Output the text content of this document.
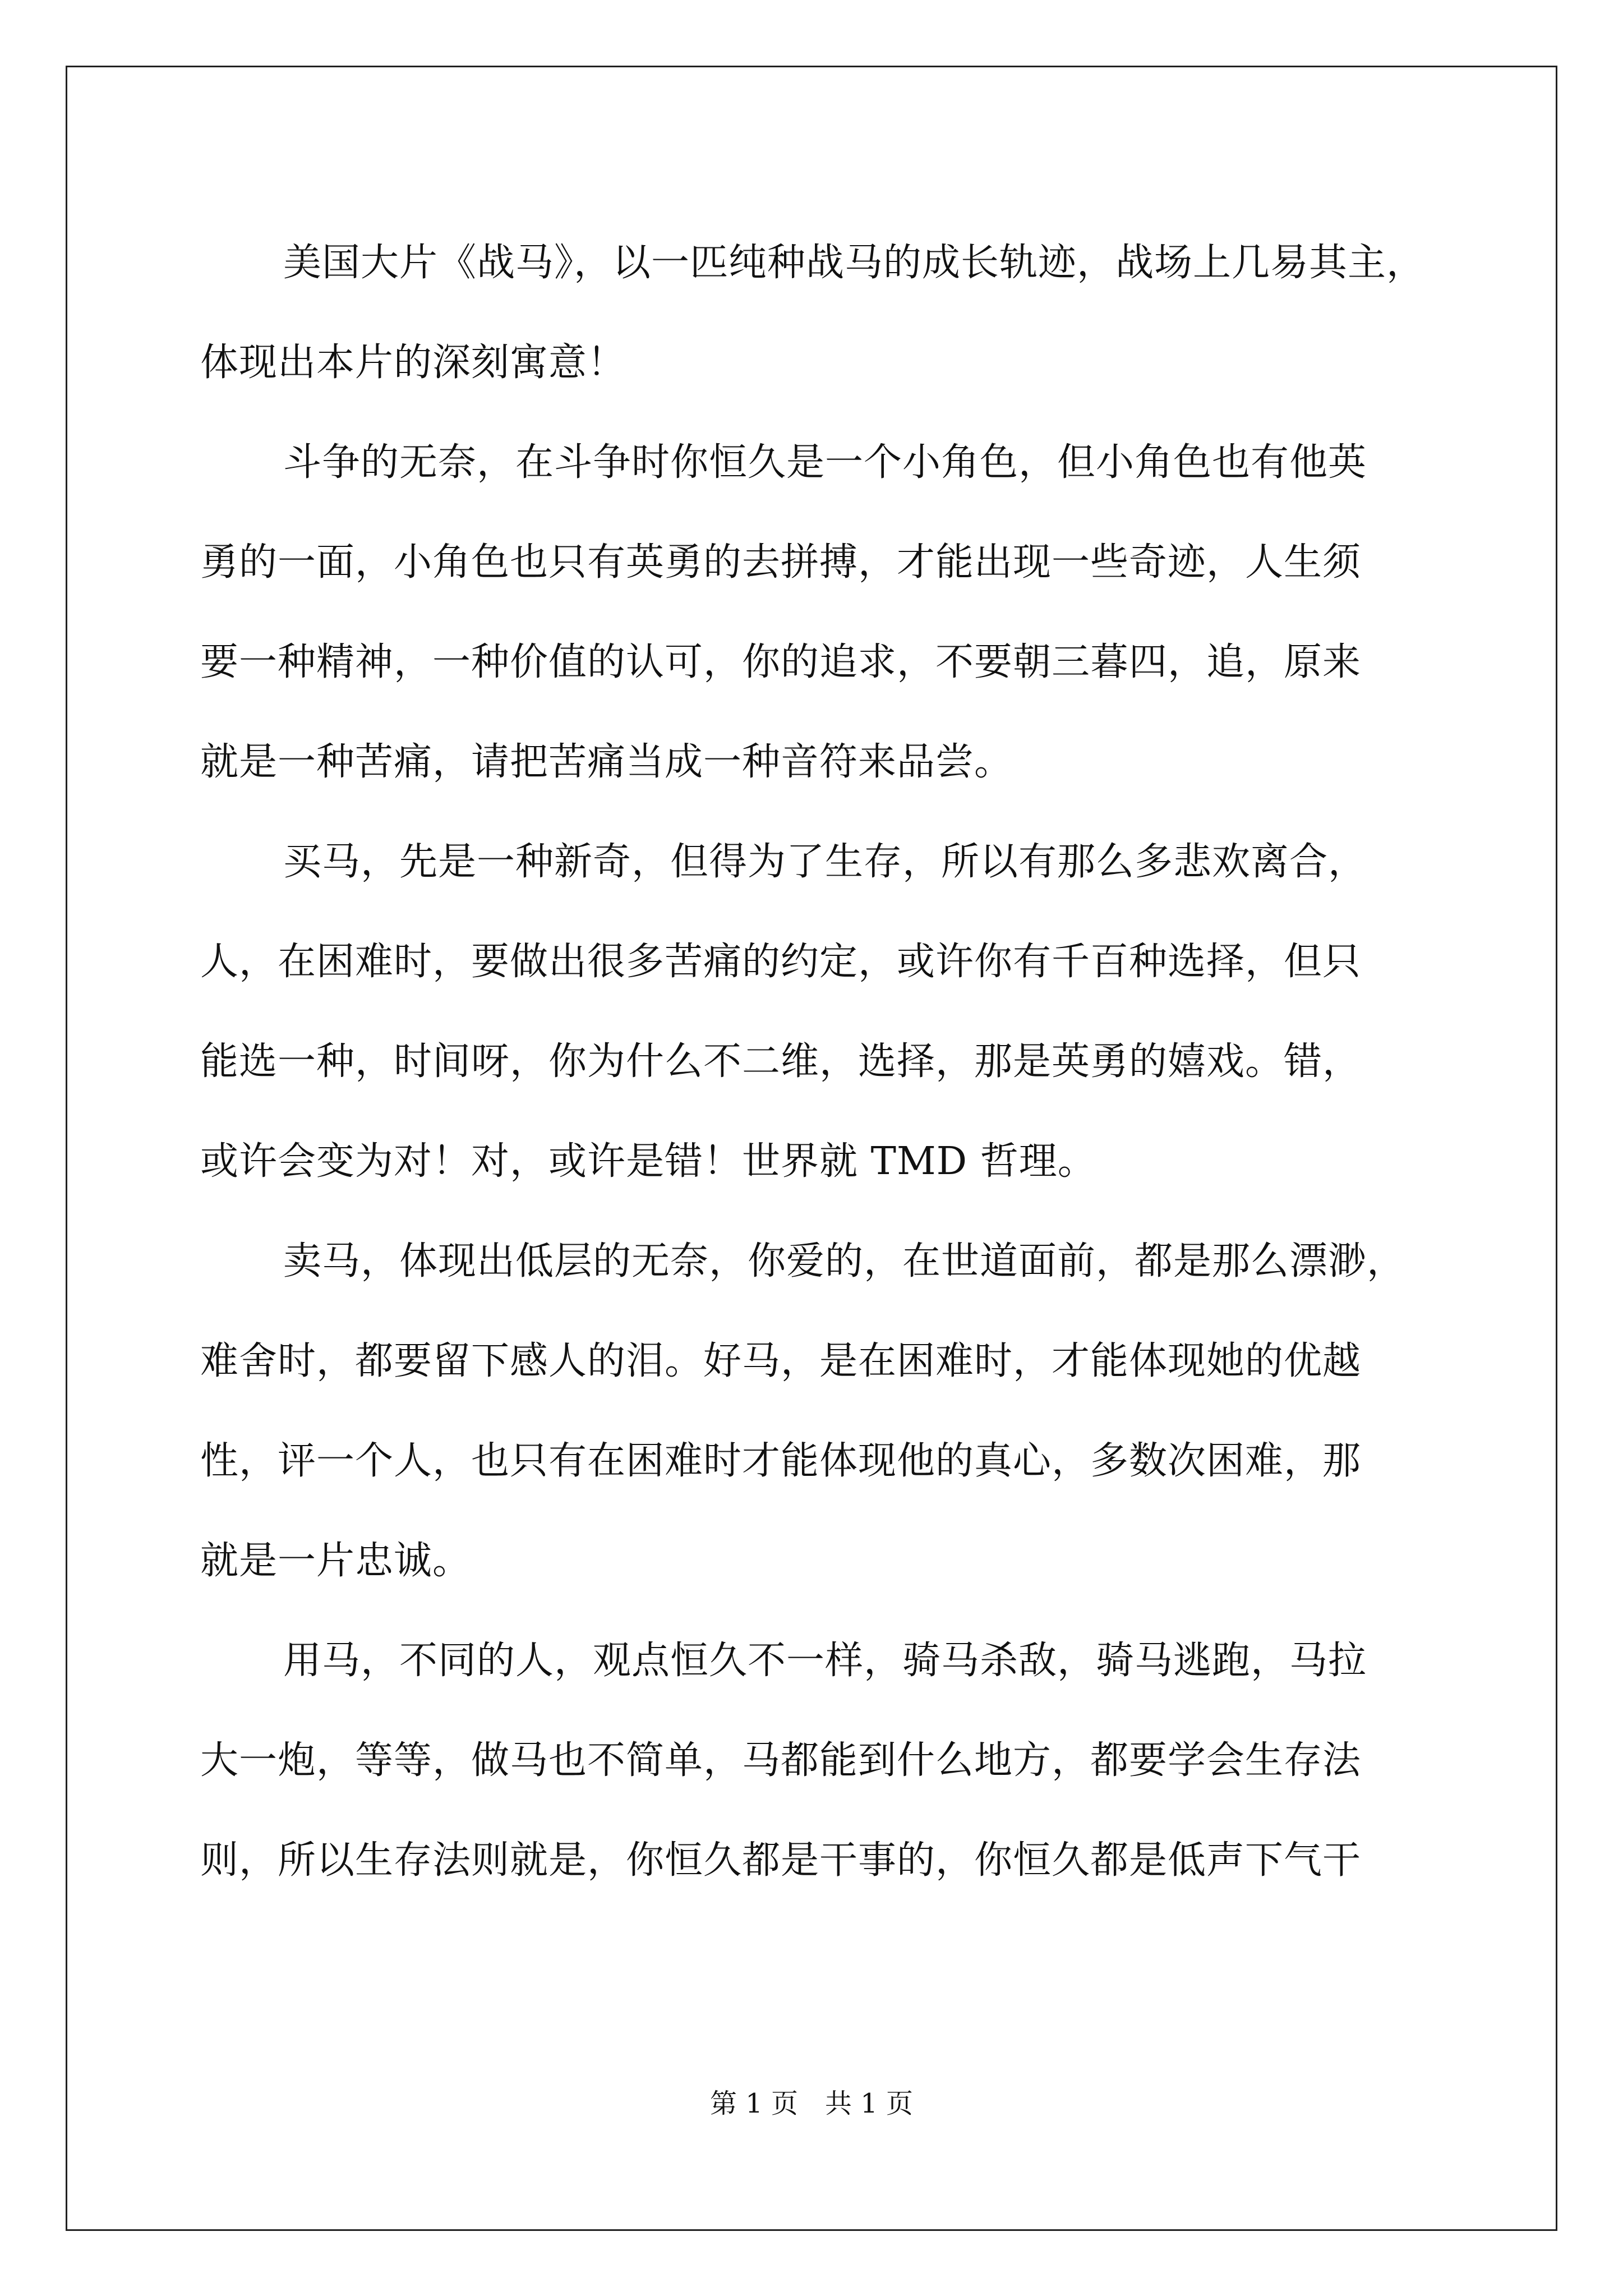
美国大片《战马》，以一匹纯种战马的成长轨迹，战场上几易其主，
体现出本片的深刻寓意！
斗争的无奈，在斗争时你恒久是一个小角色，但小角色也有他英
勇的一面，小角色也只有英勇的去拼搏，才能出现一些奇迹，人生须
要一种精神，一种价值的认可，你的追求，不要朝三暮四，追，原来
就是一种苦痛，请把苦痛当成一种音符来品尝。
买马，先是一种新奇，但得为了生存，所以有那么多悲欢离合，
人，在困难时，要做出很多苦痛的约定，或许你有千百种选择，但只
能选一种，时间呀，你为什么不二维，选择，那是英勇的嬉戏。错，
或许会变为对！对，或许是错！世界就 TMD 哲理。
卖马，体现出低层的无奈，你爱的，在世道面前，都是那么漂渺，
难舍时，都要留下感人的泪。好马，是在困难时，才能体现她的优越
性，评一个人，也只有在困难时才能体现他的真心，多数次困难，那
就是一片忠诚。
用马，不同的人，观点恒久不一样，骑马杀敌，骑马逃跑，马拉
大一炮，等等，做马也不简单，马都能到什么地方，都要学会生存法
则，所以生存法则就是，你恒久都是干事的，你恒久都是低声下气干
第 1 页　共 1 页
